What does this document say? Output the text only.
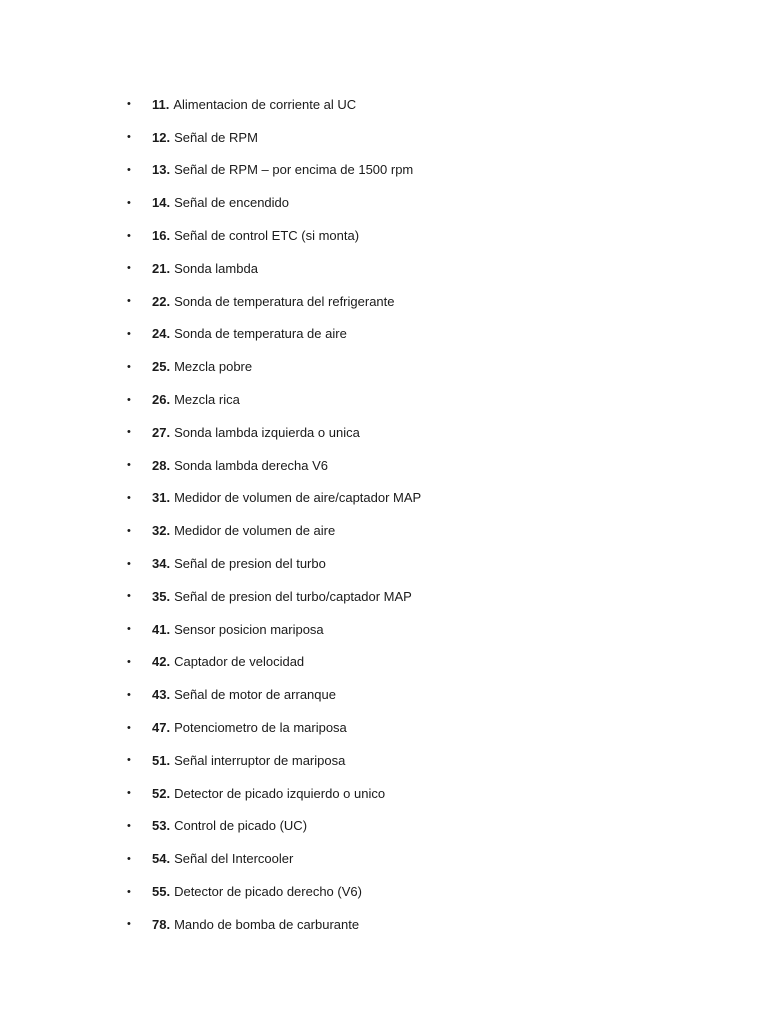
•	11. Alimentacion de corriente al UC
•	12. Señal de RPM
•	13. Señal de RPM – por encima de 1500 rpm
•	14. Señal de encendido
•	16. Señal de control ETC (si monta)
•	21. Sonda lambda
•	22. Sonda de temperatura del refrigerante
•	24. Sonda de temperatura de aire
•	25. Mezcla pobre
•	26. Mezcla rica
•	27. Sonda lambda izquierda o unica
•	28. Sonda lambda derecha V6
•	31. Medidor de volumen de aire/captador MAP
•	32. Medidor de volumen de aire
•	34. Señal de presion del turbo
•	35. Señal de presion del turbo/captador MAP
•	41. Sensor posicion mariposa
•	42. Captador de velocidad
•	43. Señal de motor de arranque
•	47. Potenciometro de la mariposa
•	51. Señal interruptor de mariposa
•	52. Detector de picado izquierdo o unico
•	53. Control de picado (UC)
•	54. Señal del Intercooler
•	55. Detector de picado derecho (V6)
•	78. Mando de bomba de carburante
